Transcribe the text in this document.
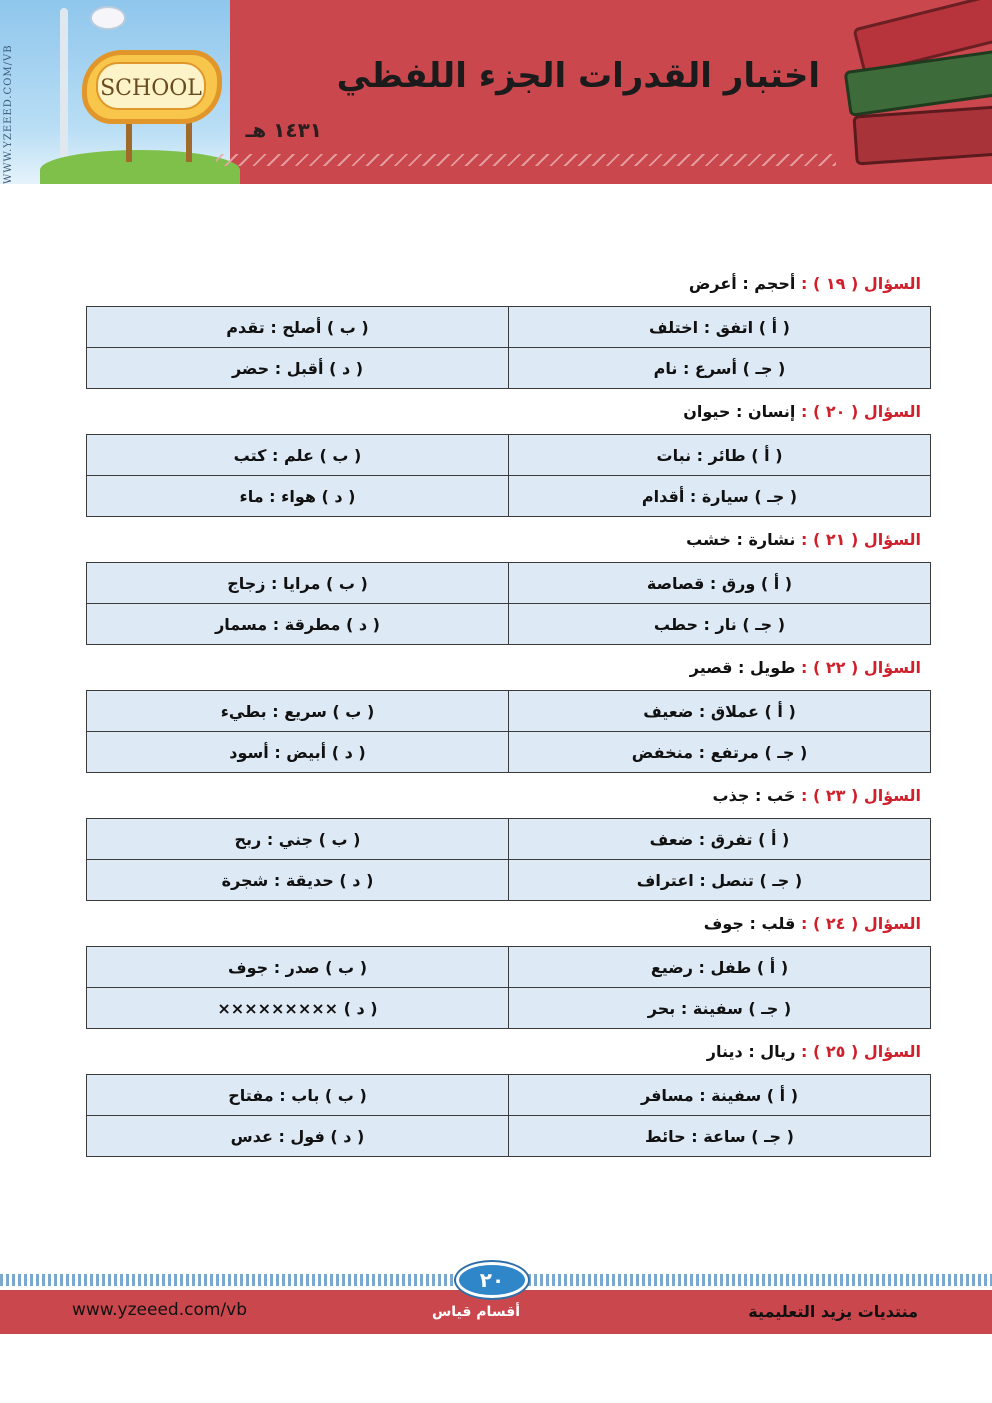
WWW.YZEEED.COM/VB	SCHOOL	اختبار القدرات الجزء اللفظي
١٤٣١ هـ
السؤال ( ١٩ ) : أحجم : أعرض
( أ ) اتفق : اختلف	( ب ) أصلح : تقدم
( جـ ) أسرع : نام	( د ) أقبل : حضر
السؤال ( ٢٠ ) : إنسان : حيوان
( أ ) طائر : نبات	( ب ) علم : كتب
( جـ ) سيارة : أقدام	( د ) هواء : ماء
السؤال ( ٢١ ) : نشارة : خشب
( أ ) ورق : قصاصة	( ب ) مرايا : زجاج
( جـ ) نار : حطب	( د ) مطرقة : مسمار
السؤال ( ٢٢ ) : طويل : قصير
( أ ) عملاق : ضعيف	( ب ) سريع : بطيء
( جـ ) مرتفع : منخفض	( د ) أبيض : أسود
السؤال ( ٢٣ ) : حَب : جذب
( أ ) تفرق : ضعف	( ب ) جني : ربح
( جـ ) تنصل : اعتراف	( د ) حديقة : شجرة
السؤال ( ٢٤ ) : قلب : جوف
( أ ) طفل : رضيع	( ب ) صدر : جوف
( جـ ) سفينة : بحر	( د ) ×××××××××
السؤال ( ٢٥ ) : ريال : دينار
( أ ) سفينة : مسافر	( ب ) باب : مفتاح
( جـ ) ساعة : حائط	( د ) فول : عدس
٢٠
www.yzeeed.com/vb	أقسام قياس	منتديات يزيد التعليمية
